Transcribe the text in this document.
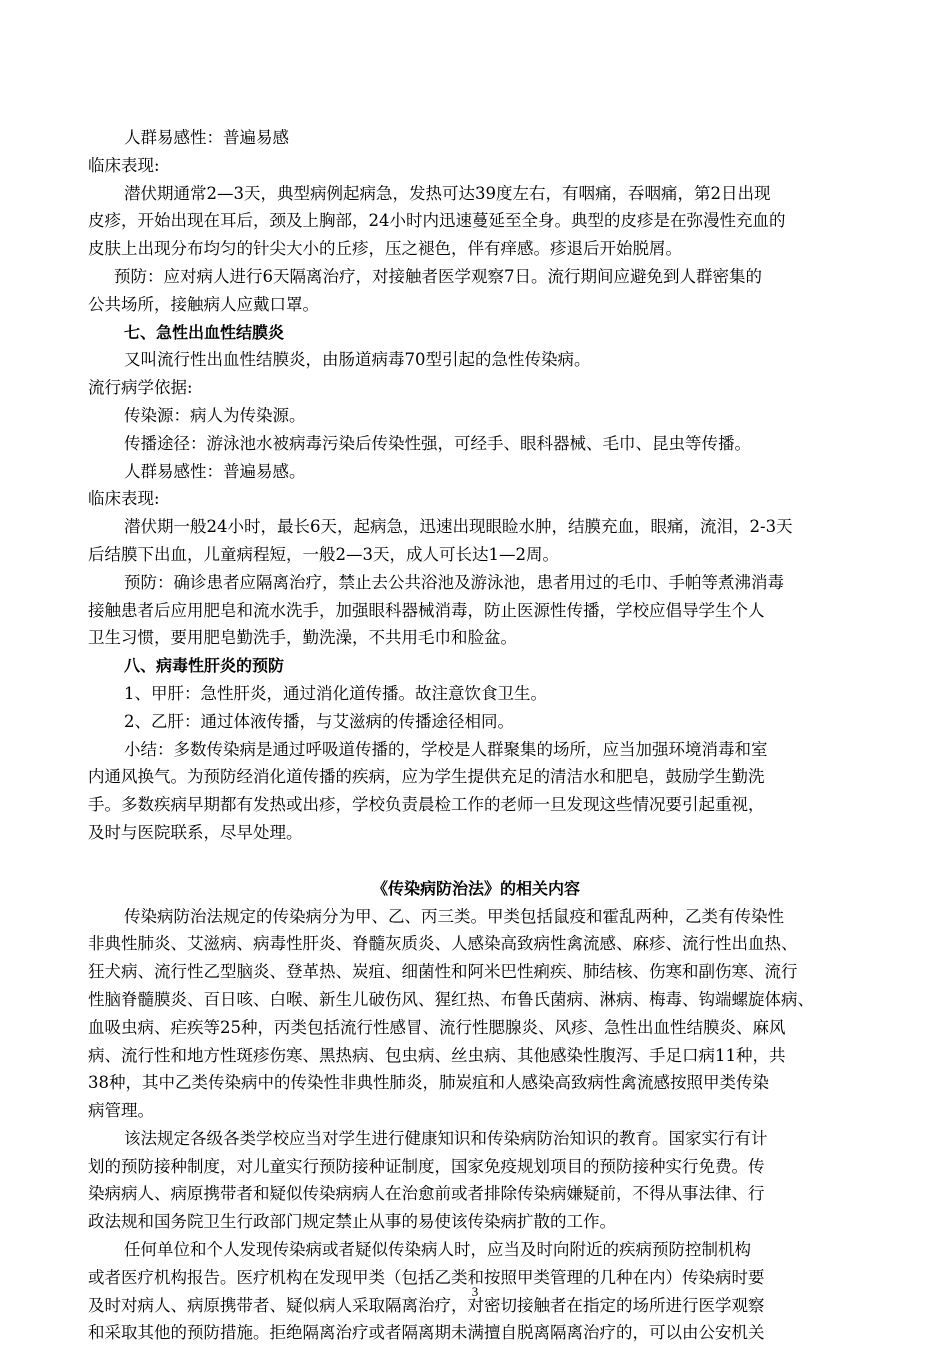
人群易感性：普遍易感
临床表现:
潜伏期通常2—3天，典型病例起病急，发热可达39度左右，有咽痛，吞咽痛，第2日出现
皮疹，开始出现在耳后，颈及上胸部，24小时内迅速蔓延至全身。典型的皮疹是在弥漫性充血的
皮肤上出现分布均匀的针尖大小的丘疹，压之褪色，伴有痒感。疹退后开始脱屑。
预防：应对病人进行6天隔离治疗，对接触者医学观察7日。流行期间应避免到人群密集的
公共场所，接触病人应戴口罩。
七、急性出血性结膜炎
又叫流行性出血性结膜炎，由肠道病毒70型引起的急性传染病。
流行病学依据:
传染源：病人为传染源。
传播途径：游泳池水被病毒污染后传染性强，可经手、眼科器械、毛巾、昆虫等传播。
人群易感性：普遍易感。
临床表现:
潜伏期一般24小时，最长6天，起病急，迅速出现眼睑水肿，结膜充血，眼痛，流泪，2-3天
后结膜下出血，儿童病程短，一般2—3天，成人可长达1—2周。
预防：确诊患者应隔离治疗，禁止去公共浴池及游泳池，患者用过的毛巾、手帕等煮沸消毒
接触患者后应用肥皂和流水洗手，加强眼科器械消毒，防止医源性传播，学校应倡导学生个人
卫生习惯，要用肥皂勤洗手，勤洗澡，不共用毛巾和脸盆。
八、病毒性肝炎的预防
1、甲肝：急性肝炎，通过消化道传播。故注意饮食卫生。
2、乙肝：通过体液传播，与艾滋病的传播途径相同。
小结：多数传染病是通过呼吸道传播的，学校是人群聚集的场所，应当加强环境消毒和室
内通风换气。为预防经消化道传播的疾病，应为学生提供充足的清洁水和肥皂，鼓励学生勤洗
手。多数疾病早期都有发热或出疹，学校负责晨检工作的老师一旦发现这些情况要引起重视，
及时与医院联系，尽早处理。
《传染病防治法》的相关内容
传染病防治法规定的传染病分为甲、乙、丙三类。甲类包括鼠疫和霍乱两种，乙类有传染性
非典性肺炎、艾滋病、病毒性肝炎、脊髓灰质炎、人感染高致病性禽流感、麻疹、流行性出血热、
狂犬病、流行性乙型脑炎、登革热、炭疽、细菌性和阿米巴性痢疾、肺结核、伤寒和副伤寒、流行
性脑脊髓膜炎、百日咳、白喉、新生儿破伤风、猩红热、布鲁氏菌病、淋病、梅毒、钩端螺旋体病、
血吸虫病、疟疾等25种，丙类包括流行性感冒、流行性腮腺炎、风疹、急性出血性结膜炎、麻风
病、流行性和地方性斑疹伤寒、黑热病、包虫病、丝虫病、其他感染性腹泻、手足口病11种，共
38种，其中乙类传染病中的传染性非典性肺炎，肺炭疽和人感染高致病性禽流感按照甲类传染
病管理。
该法规定各级各类学校应当对学生进行健康知识和传染病防治知识的教育。国家实行有计
划的预防接种制度，对儿童实行预防接种证制度，国家免疫规划项目的预防接种实行免费。传
染病病人、病原携带者和疑似传染病病人在治愈前或者排除传染病嫌疑前，不得从事法律、行
政法规和国务院卫生行政部门规定禁止从事的易使该传染病扩散的工作。
任何单位和个人发现传染病或者疑似传染病人时，应当及时向附近的疾病预防控制机构
或者医疗机构报告。医疗机构在发现甲类（包括乙类和按照甲类管理的几种在内）传染病时要
及时对病人、病原携带者、疑似病人采取隔离治疗，对密切接触者在指定的场所进行医学观察
和采取其他的预防措施。拒绝隔离治疗或者隔离期未满擅自脱离隔离治疗的，可以由公安机关
3
